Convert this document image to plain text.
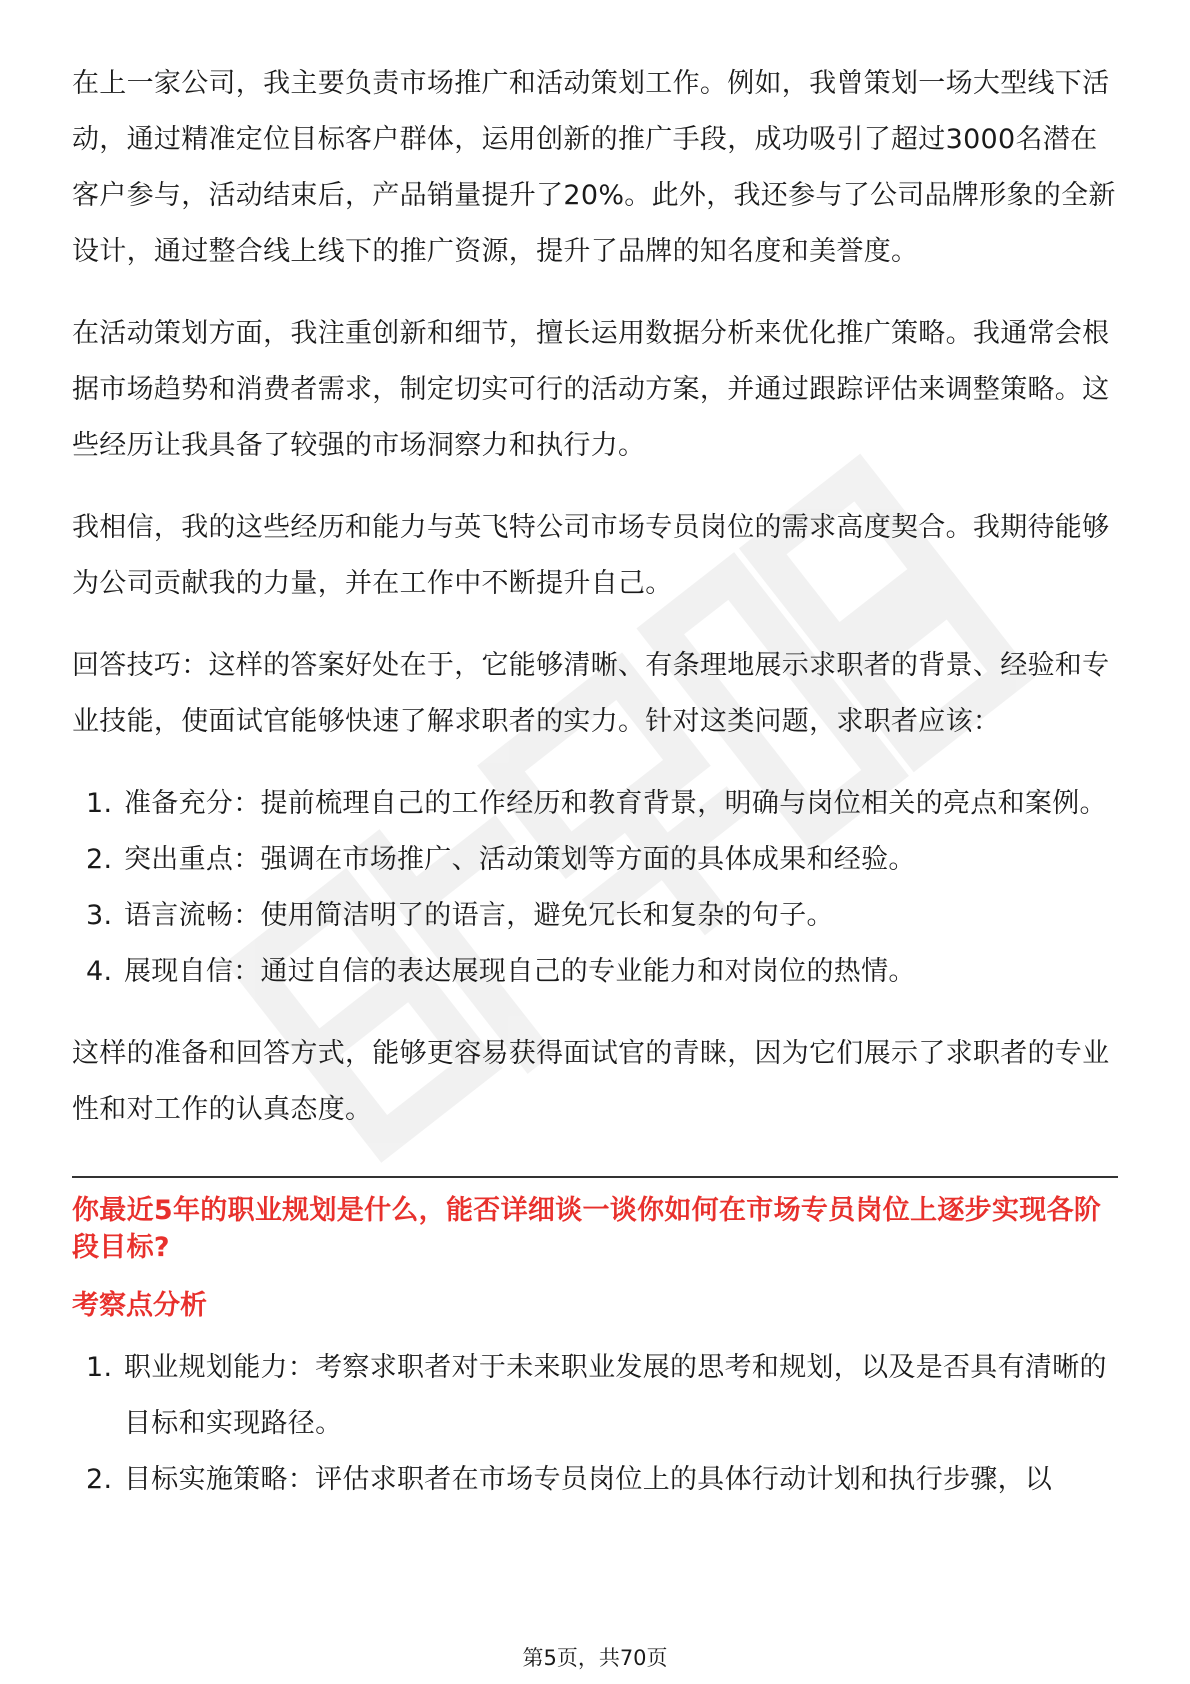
在上一家公司，我主要负责市场推广和活动策划工作。例如，我曾策划一场大型线下活动，通过精准定位目标客户群体，运用创新的推广手段，成功吸引了超过3000名潜在客户参与，活动结束后，产品销量提升了20%。此外，我还参与了公司品牌形象的全新设计，通过整合线上线下的推广资源，提升了品牌的知名度和美誉度。

在活动策划方面，我注重创新和细节，擅长运用数据分析来优化推广策略。我通常会根据市场趋势和消费者需求，制定切实可行的活动方案，并通过跟踪评估来调整策略。这些经历让我具备了较强的市场洞察力和执行力。

我相信，我的这些经历和能力与英飞特公司市场专员岗位的需求高度契合。我期待能够为公司贡献我的力量，并在工作中不断提升自己。

回答技巧：这样的答案好处在于，它能够清晰、有条理地展示求职者的背景、经验和专业技能，使面试官能够快速了解求职者的实力。针对这类问题，求职者应该：

1. 准备充分：提前梳理自己的工作经历和教育背景，明确与岗位相关的亮点和案例。
2. 突出重点：强调在市场推广、活动策划等方面的具体成果和经验。
3. 语言流畅：使用简洁明了的语言，避免冗长和复杂的句子。
4. 展现自信：通过自信的表达展现自己的专业能力和对岗位的热情。

这样的准备和回答方式，能够更容易获得面试官的青睐，因为它们展示了求职者的专业性和对工作的认真态度。

你最近5年的职业规划是什么，能否详细谈一谈你如何在市场专员岗位上逐步实现各阶段目标?
考察点分析
1. 职业规划能力：考察求职者对于未来职业发展的思考和规划，以及是否具有清晰的目标和实现路径。
2. 目标实施策略：评估求职者在市场专员岗位上的具体行动计划和执行步骤，以
第5页，共70页
